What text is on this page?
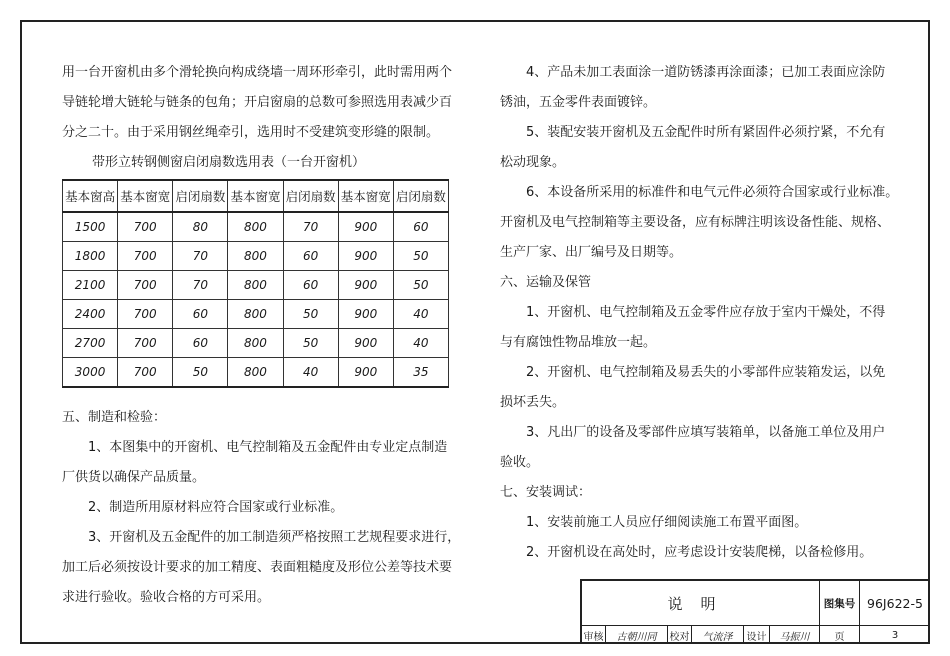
用一台开窗机由多个滑轮换向构成绕墙一周环形牵引，此时需用两个

导链轮增大链轮与链条的包角；开启窗扇的总数可参照选用表减少百

分之二十。由于采用钢丝绳牵引，选用时不受建筑变形缝的限制。

带形立转钢侧窗启闭扇数选用表（一台开窗机）

基本窗高	基本窗宽	启闭扇数	基本窗宽	启闭扇数	基本窗宽	启闭扇数
1500	700	80	800	70	900	60
1800	700	70	800	60	900	50
2100	700	70	800	60	900	50
2400	700	60	800	50	900	40
2700	700	60	800	50	900	40
3000	700	50	800	40	900	35

五、制造和检验：

1、本图集中的开窗机、电气控制箱及五金配件由专业定点制造

厂供货以确保产品质量。

2、制造所用原材料应符合国家或行业标准。

3、开窗机及五金配件的加工制造须严格按照工艺规程要求进行，

加工后必须按设计要求的加工精度、表面粗糙度及形位公差等技术要

求进行验收。验收合格的方可采用。

4、产品未加工表面涂一道防锈漆再涂面漆；已加工表面应涂防

锈油，五金零件表面镀锌。

5、装配安装开窗机及五金配件时所有紧固件必须拧紧，不允有

松动现象。

6、本设备所采用的标准件和电气元件必须符合国家或行业标准。

开窗机及电气控制箱等主要设备，应有标牌注明该设备性能、规格、

生产厂家、出厂编号及日期等。

六、运输及保管

1、开窗机、电气控制箱及五金零件应存放于室内干燥处，不得

与有腐蚀性物品堆放一起。

2、开窗机、电气控制箱及易丢失的小零部件应装箱发运，以免

损坏丢失。

3、凡出厂的设备及零部件应填写装箱单，以备施工单位及用户

验收。

七、安装调试：

1、安装前施工人员应仔细阅读施工布置平面图。

2、开窗机设在高处时，应考虑设计安装爬梯，以备检修用。

说明	图集号 96J622-5
审核	古朝川同	校对	气流泽	设计	马振川	页	3
